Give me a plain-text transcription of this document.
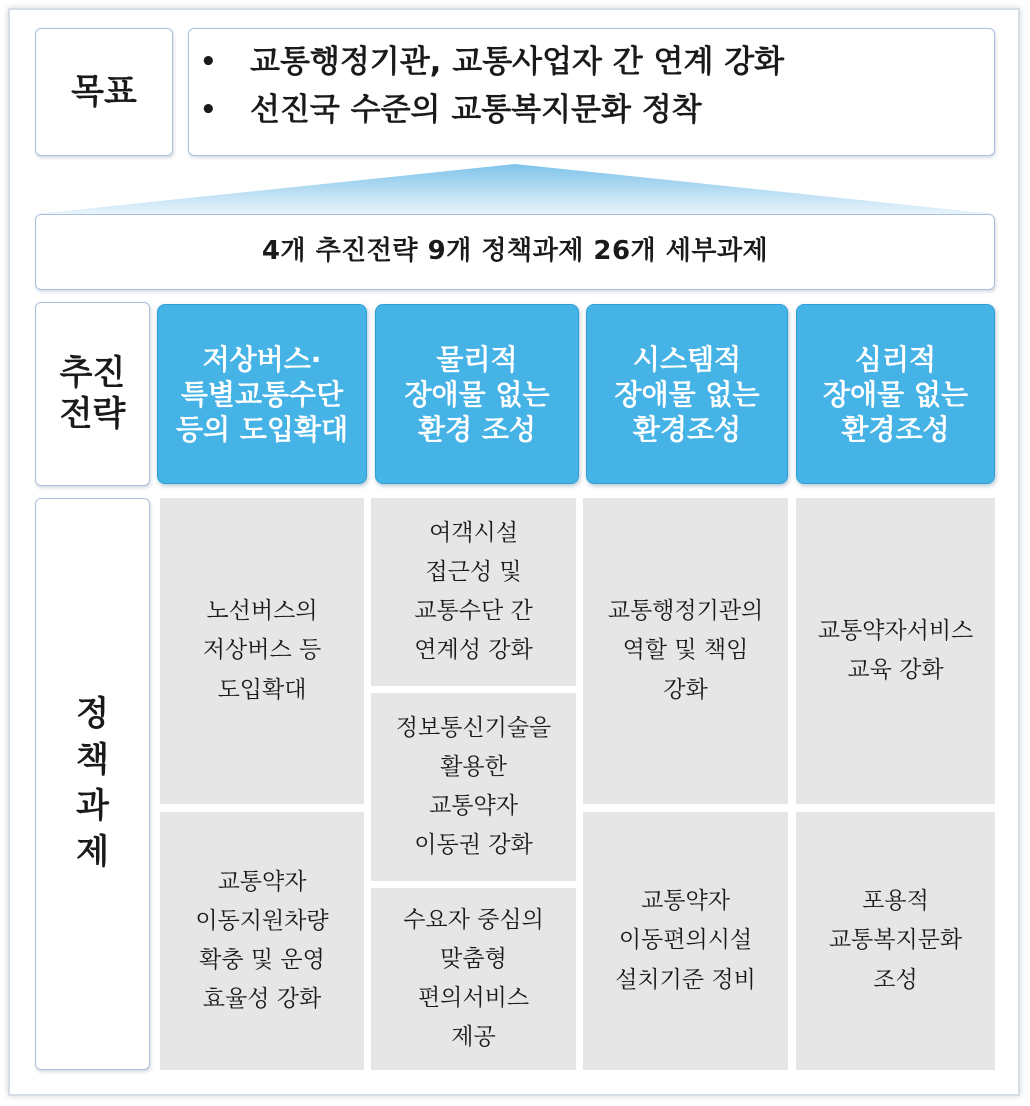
목표
• 교통행정기관, 교통사업자 간 연계 강화
• 선진국 수준의 교통복지문화 정착
4개 추진전략 9개 정책과제 26개 세부과제
추진
전략
저상버스·
특별교통수단
등의 도입확대
물리적
장애물 없는
환경 조성
시스템적
장애물 없는
환경조성
심리적
장애물 없는
환경조성
정
책
과
제
노선버스의
저상버스 등
도입확대
교통약자
이동지원차량
확충 및 운영
효율성 강화
여객시설
접근성 및
교통수단 간
연계성 강화
정보통신기술을
활용한
교통약자
이동권 강화
수요자 중심의
맞춤형
편의서비스
제공
교통행정기관의
역할 및 책임
강화
교통약자
이동편의시설
설치기준 정비
교통약자서비스
교육 강화
포용적
교통복지문화
조성
